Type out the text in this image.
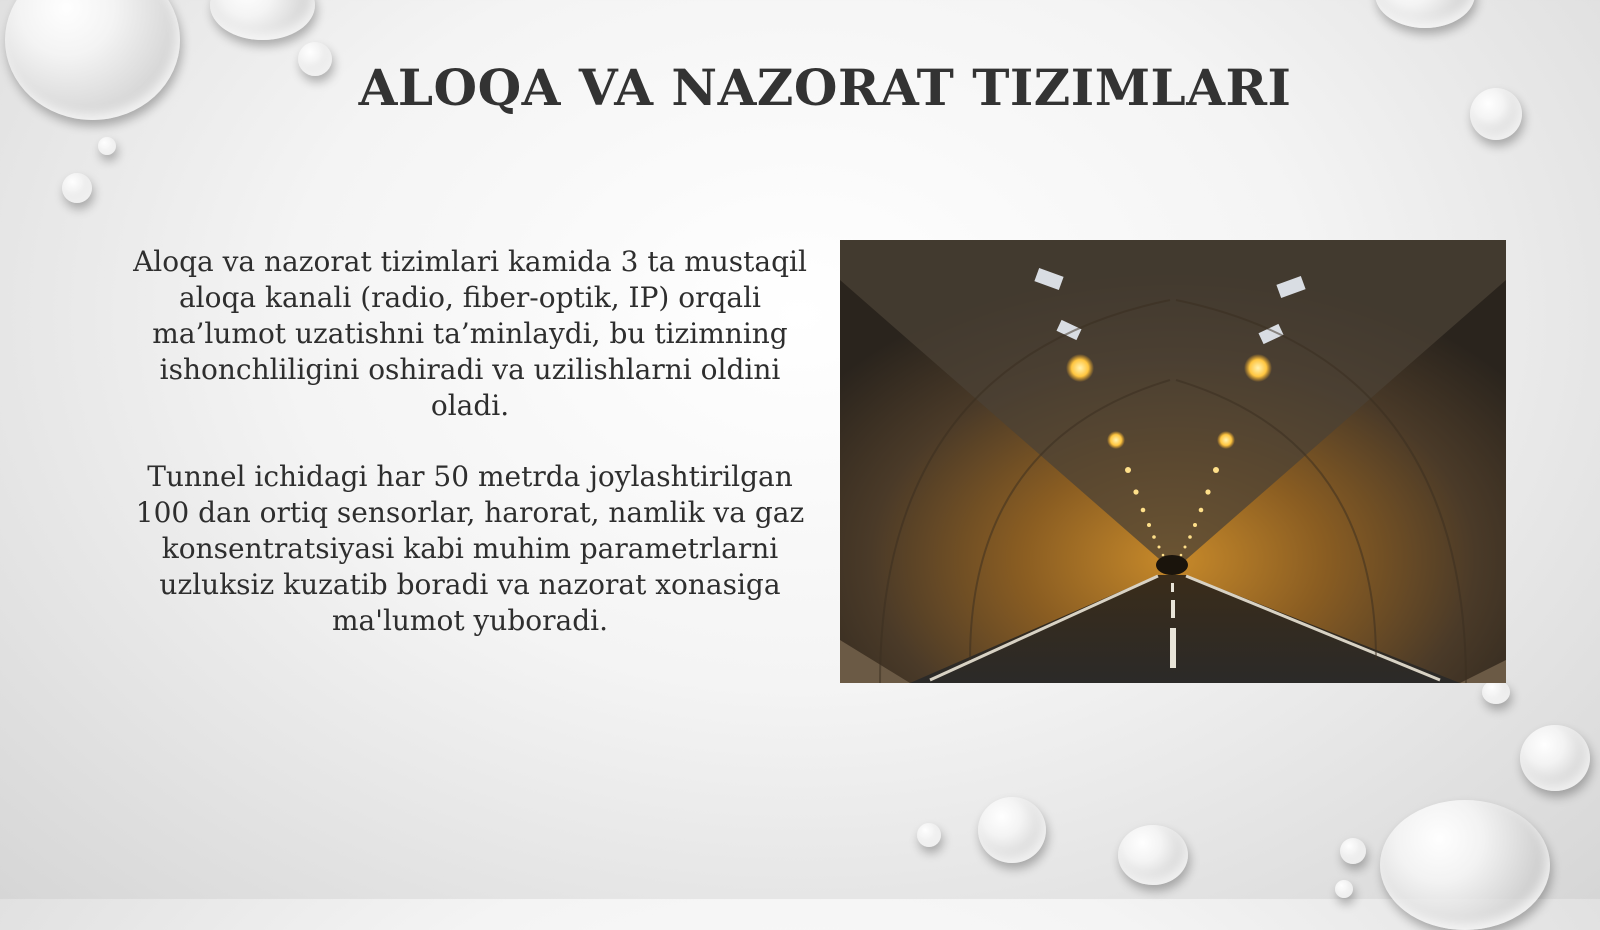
ALOQA VA NAZORAT TIZIMLARI

Aloqa va nazorat tizimlari kamida 3 ta mustaqil aloqa kanali (radio, fiber-optik, IP) orqali ma’lumot uzatishni ta’minlaydi, bu tizimning ishonchliligini oshiradi va uzilishlarni oldini oladi.

Tunnel ichidagi har 50 metrda joylashtirilgan 100 dan ortiq sensorlar, harorat, namlik va gaz konsentratsiyasi kabi muhim parametrlarni uzluksiz kuzatib boradi va nazorat xonasiga ma'lumot yuboradi.
